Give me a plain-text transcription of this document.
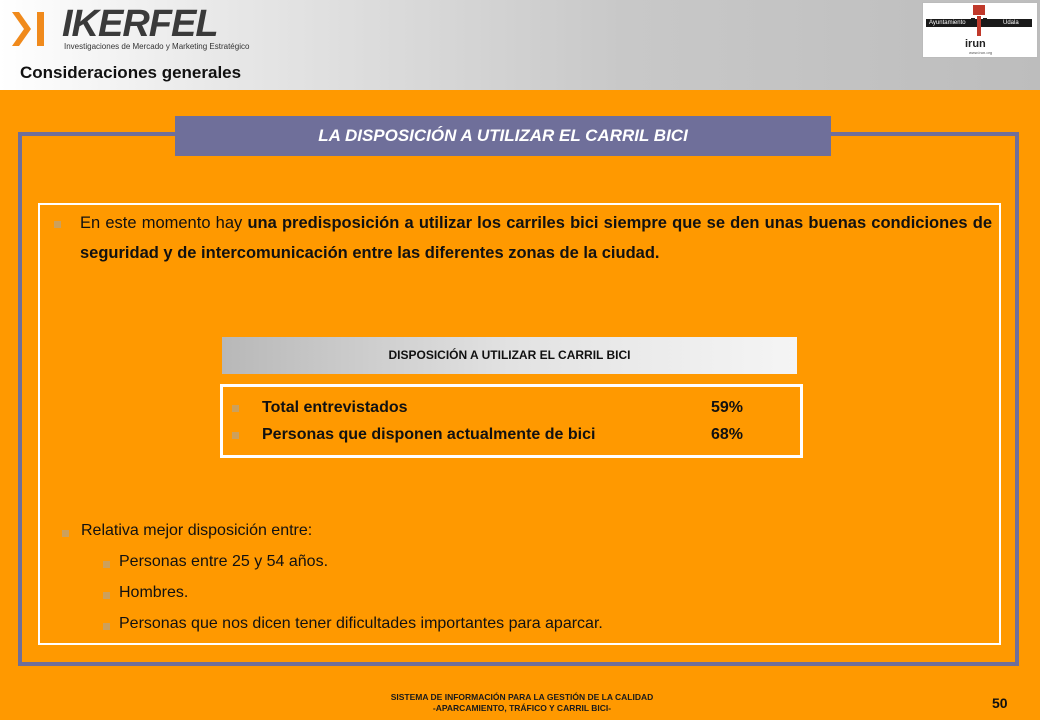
IKERFEL
Investigaciones de Mercado y Marketing Estratégico
Ayuntamiento	Udala
irun
www.irun.org
Consideraciones generales
LA DISPOSICIÓN A UTILIZAR EL CARRIL BICI
En este momento hay una predisposición a utilizar los carriles bici siempre que se den unas buenas condiciones de seguridad y de intercomunicación entre las diferentes zonas de la ciudad.
DISPOSICIÓN A UTILIZAR EL CARRIL BICI
Total entrevistados	59%
Personas que disponen actualmente de bici	68%
Relativa mejor disposición entre:
Personas entre 25 y 54 años.
Hombres.
Personas que nos dicen tener dificultades importantes para aparcar.
SISTEMA DE INFORMACIÓN PARA LA GESTIÓN DE LA CALIDAD
-APARCAMIENTO, TRÁFICO Y CARRIL BICI-	50
